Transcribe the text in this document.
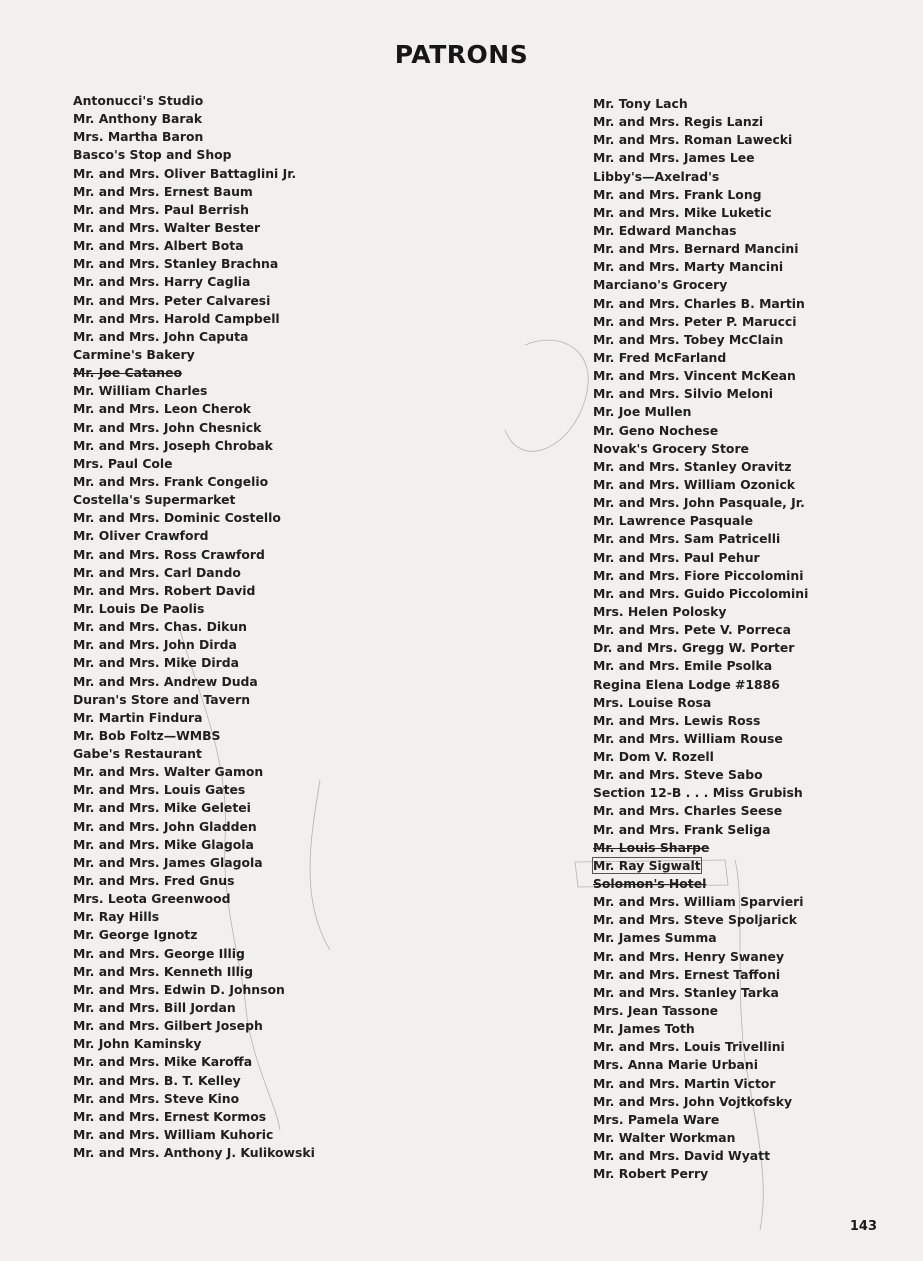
PATRONS
Antonucci's Studio
Mr. Anthony Barak
Mrs. Martha Baron
Basco's Stop and Shop
Mr. and Mrs. Oliver Battaglini Jr.
Mr. and Mrs. Ernest Baum
Mr. and Mrs. Paul Berrish
Mr. and Mrs. Walter Bester
Mr. and Mrs. Albert Bota
Mr. and Mrs. Stanley Brachna
Mr. and Mrs. Harry Caglia
Mr. and Mrs. Peter Calvaresi
Mr. and Mrs. Harold Campbell
Mr. and Mrs. John Caputa
Carmine's Bakery
Mr. Joe Cataneo
Mr. William Charles
Mr. and Mrs. Leon Cherok
Mr. and Mrs. John Chesnick
Mr. and Mrs. Joseph Chrobak
Mrs. Paul Cole
Mr. and Mrs. Frank Congelio
Costella's Supermarket
Mr. and Mrs. Dominic Costello
Mr. Oliver Crawford
Mr. and Mrs. Ross Crawford
Mr. and Mrs. Carl Dando
Mr. and Mrs. Robert David
Mr. Louis De Paolis
Mr. and Mrs. Chas. Dikun
Mr. and Mrs. John Dirda
Mr. and Mrs. Mike Dirda
Mr. and Mrs. Andrew Duda
Duran's Store and Tavern
Mr. Martin Findura
Mr. Bob Foltz—WMBS
Gabe's Restaurant
Mr. and Mrs. Walter Gamon
Mr. and Mrs. Louis Gates
Mr. and Mrs. Mike Geletei
Mr. and Mrs. John Gladden
Mr. and Mrs. Mike Glagola
Mr. and Mrs. James Glagola
Mr. and Mrs. Fred Gnus
Mrs. Leota Greenwood
Mr. Ray Hills
Mr. George Ignotz
Mr. and Mrs. George Illig
Mr. and Mrs. Kenneth Illig
Mr. and Mrs. Edwin D. Johnson
Mr. and Mrs. Bill Jordan
Mr. and Mrs. Gilbert Joseph
Mr. John Kaminsky
Mr. and Mrs. Mike Karoffa
Mr. and Mrs. B. T. Kelley
Mr. and Mrs. Steve Kino
Mr. and Mrs. Ernest Kormos
Mr. and Mrs. William Kuhoric
Mr. and Mrs. Anthony J. Kulikowski
Mr. Tony Lach
Mr. and Mrs. Regis Lanzi
Mr. and Mrs. Roman Lawecki
Mr. and Mrs. James Lee
Libby's—Axelrad's
Mr. and Mrs. Frank Long
Mr. and Mrs. Mike Luketic
Mr. Edward Manchas
Mr. and Mrs. Bernard Mancini
Mr. and Mrs. Marty Mancini
Marciano's Grocery
Mr. and Mrs. Charles B. Martin
Mr. and Mrs. Peter P. Marucci
Mr. and Mrs. Tobey McClain
Mr. Fred McFarland
Mr. and Mrs. Vincent McKean
Mr. and Mrs. Silvio Meloni
Mr. Joe Mullen
Mr. Geno Nochese
Novak's Grocery Store
Mr. and Mrs. Stanley Oravitz
Mr. and Mrs. William Ozonick
Mr. and Mrs. John Pasquale, Jr.
Mr. Lawrence Pasquale
Mr. and Mrs. Sam Patricelli
Mr. and Mrs. Paul Pehur
Mr. and Mrs. Fiore Piccolomini
Mr. and Mrs. Guido Piccolomini
Mrs. Helen Polosky
Mr. and Mrs. Pete V. Porreca
Dr. and Mrs. Gregg W. Porter
Mr. and Mrs. Emile Psolka
Regina Elena Lodge #1886
Mrs. Louise Rosa
Mr. and Mrs. Lewis Ross
Mr. and Mrs. William Rouse
Mr. Dom V. Rozell
Mr. and Mrs. Steve Sabo
Section 12-B . . . Miss Grubish
Mr. and Mrs. Charles Seese
Mr. and Mrs. Frank Seliga
Mr. Louis Sharpe
Mr. Ray Sigwalt
Solomon's Hotel
Mr. and Mrs. William Sparvieri
Mr. and Mrs. Steve Spoljarick
Mr. James Summa
Mr. and Mrs. Henry Swaney
Mr. and Mrs. Ernest Taffoni
Mr. and Mrs. Stanley Tarka
Mrs. Jean Tassone
Mr. James Toth
Mr. and Mrs. Louis Trivellini
Mrs. Anna Marie Urbani
Mr. and Mrs. Martin Victor
Mr. and Mrs. John Vojtkofsky
Mrs. Pamela Ware
Mr. Walter Workman
Mr. and Mrs. David Wyatt
Mr. Robert Perry
143
